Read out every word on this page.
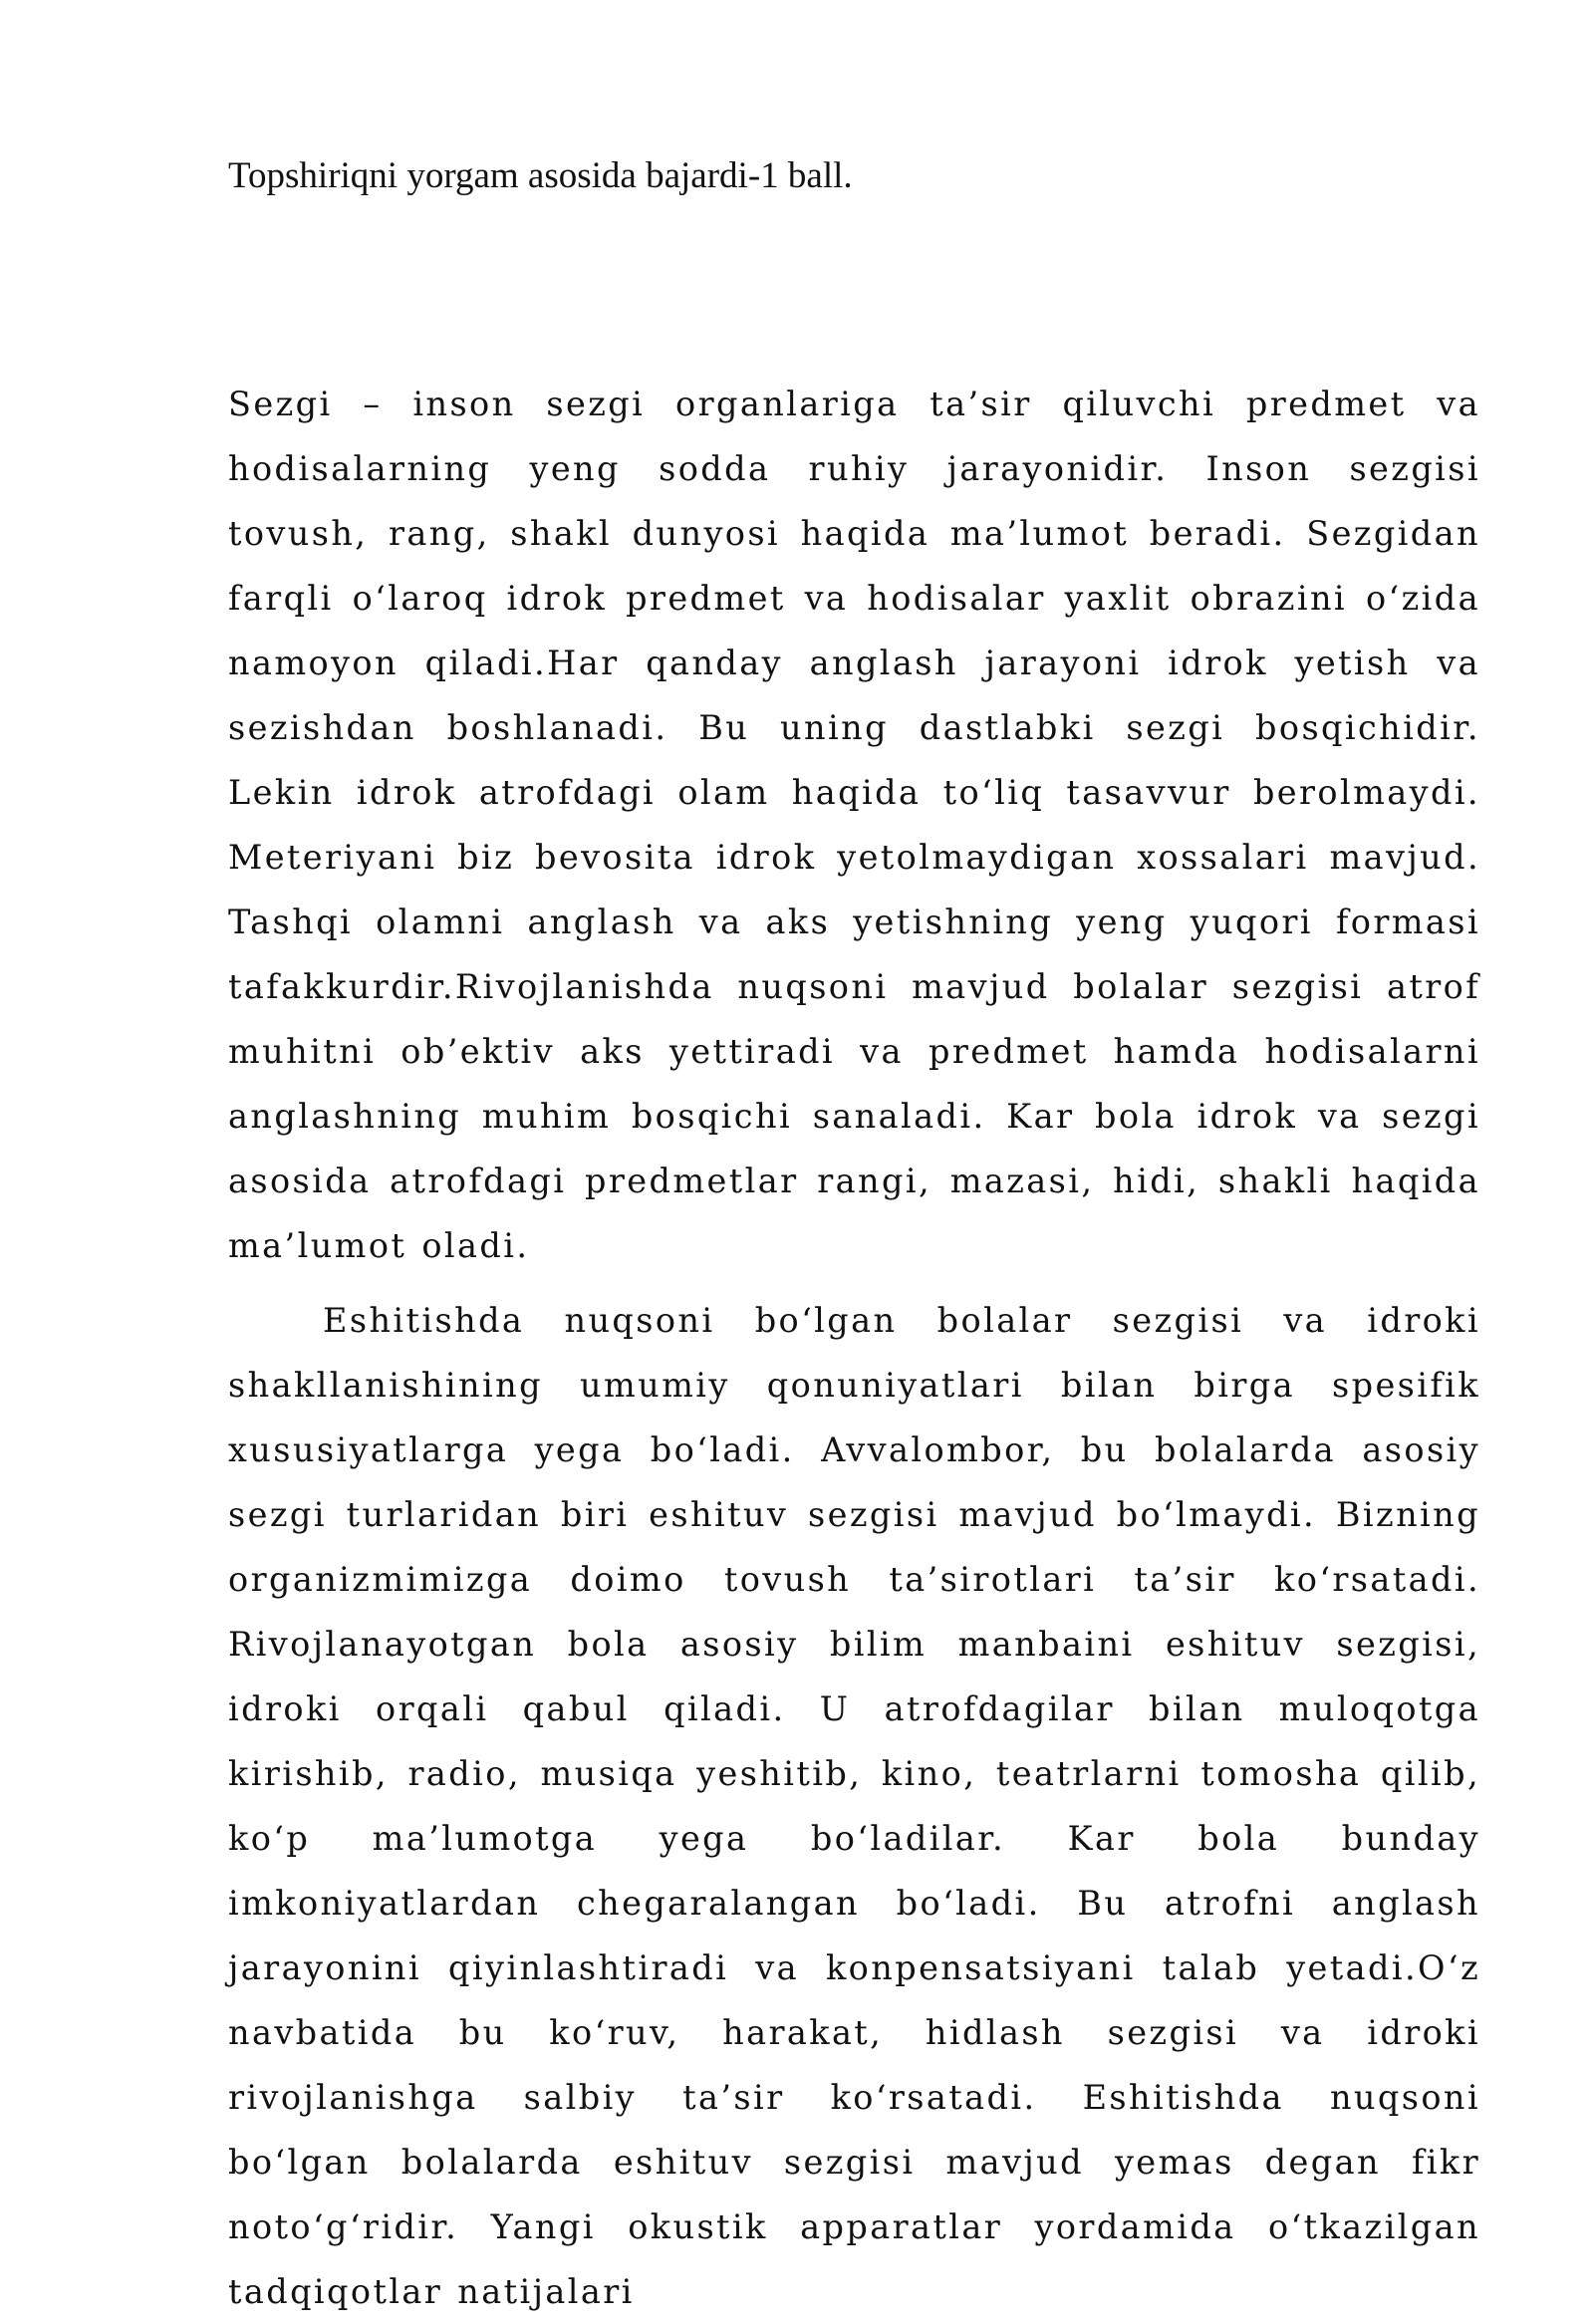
Topshiriqni yorgam asosida bajardi-1 ball.

Sezgi – inson sezgi organlariga ta’sir qiluvchi predmet va hodisalarning yeng sodda ruhiy jarayonidir. Inson sezgisi tovush, rang, shakl dunyosi haqida ma’lumot beradi. Sezgidan farqli o‘laroq idrok predmet va hodisalar yaxlit obrazini o‘zida namoyon qiladi.Har qanday anglash jarayoni idrok yetish va sezishdan boshlanadi. Bu uning dastlabki sezgi bosqichidir. Lekin idrok atrofdagi olam haqida to‘liq tasavvur berolmaydi. Meteriyani biz bevosita idrok yetolmaydigan xossalari mavjud. Tashqi olamni anglash va aks yetishning yeng yuqori formasi tafakkurdir.Rivojlanishda nuqsoni mavjud bolalar sezgisi atrof muhitni ob’ektiv aks yettiradi va predmet hamda hodisalarni anglashning muhim bosqichi sanaladi. Kar bola idrok va sezgi asosida atrofdagi predmetlar rangi, mazasi, hidi, shakli haqida ma’lumot oladi.

Eshitishda nuqsoni bo‘lgan bolalar sezgisi va idroki shakllanishining umumiy qonuniyatlari bilan birga spesifik xususiyatlarga yega bo‘ladi. Avvalombor, bu bolalarda asosiy sezgi turlaridan biri eshituv sezgisi mavjud bo‘lmaydi. Bizning organizmimizga doimo tovush ta’sirotlari ta’sir ko‘rsatadi. Rivojlanayotgan bola asosiy bilim manbaini eshituv sezgisi, idroki orqali qabul qiladi. U atrofdagilar bilan muloqotga kirishib, radio, musiqa yeshitib, kino, teatrlarni tomosha qilib, ko‘p ma’lumotga yega bo‘ladilar. Kar bola bunday imkoniyatlardan chegaralangan bo‘ladi. Bu atrofni anglash jarayonini qiyinlashtiradi va konpensatsiyani talab yetadi.O‘z navbatida bu ko‘ruv, harakat, hidlash sezgisi va idroki rivojlanishga salbiy ta’sir ko‘rsatadi. Eshitishda nuqsoni bo‘lgan bolalarda eshituv sezgisi mavjud yemas degan fikr noto‘g‘ridir. Yangi okustik apparatlar yordamida o‘tkazilgan tadqiqotlar natijalari
